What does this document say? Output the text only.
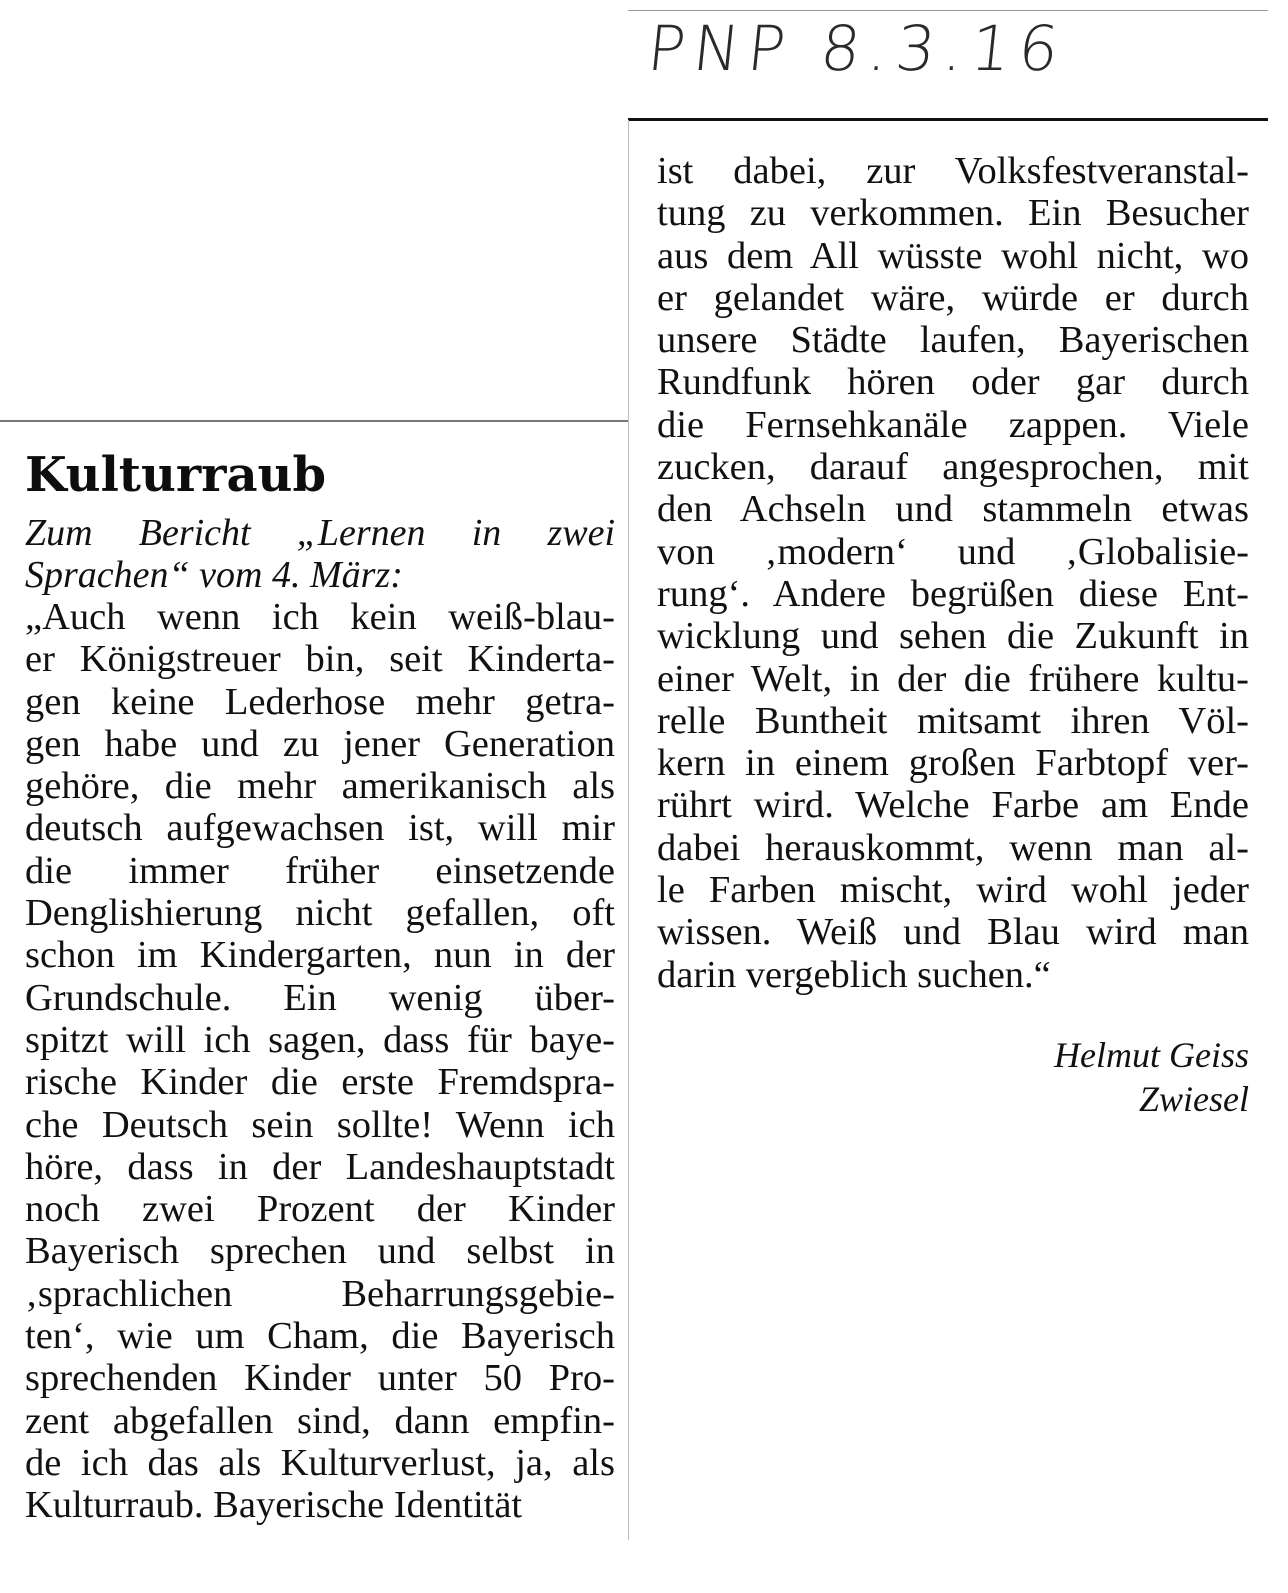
PNP 8.3.16
Kulturraub
Zum Bericht „Lernen in zwei Sprachen“ vom 4. März:
„Auch wenn ich kein weiß-blau-
er Königstreuer bin, seit Kinderta-
gen keine Lederhose mehr getra-
gen habe und zu jener Generation
gehöre, die mehr amerikanisch als
deutsch aufgewachsen ist, will mir
die immer früher einsetzende
Denglishierung nicht gefallen, oft
schon im Kindergarten, nun in der
Grundschule. Ein wenig über-
spitzt will ich sagen, dass für baye-
rische Kinder die erste Fremdspra-
che Deutsch sein sollte! Wenn ich
höre, dass in der Landeshauptstadt
noch zwei Prozent der Kinder
Bayerisch sprechen und selbst in
‚sprachlichen Beharrungsgebie-
ten‘, wie um Cham, die Bayerisch
sprechenden Kinder unter 50 Pro-
zent abgefallen sind, dann empfin-
de ich das als Kulturverlust, ja, als
Kulturraub. Bayerische Identität
ist dabei, zur Volksfestveranstal-
tung zu verkommen. Ein Besucher
aus dem All wüsste wohl nicht, wo
er gelandet wäre, würde er durch
unsere Städte laufen, Bayerischen
Rundfunk hören oder gar durch
die Fernsehkanäle zappen. Viele
zucken, darauf angesprochen, mit
den Achseln und stammeln etwas
von ‚modern‘ und ‚Globalisie-
rung‘. Andere begrüßen diese Ent-
wicklung und sehen die Zukunft in
einer Welt, in der die frühere kultu-
relle Buntheit mitsamt ihren Völ-
kern in einem großen Farbtopf ver-
rührt wird. Welche Farbe am Ende
dabei herauskommt, wenn man al-
le Farben mischt, wird wohl jeder
wissen. Weiß und Blau wird man
darin vergeblich suchen.“
Helmut Geiss
Zwiesel
